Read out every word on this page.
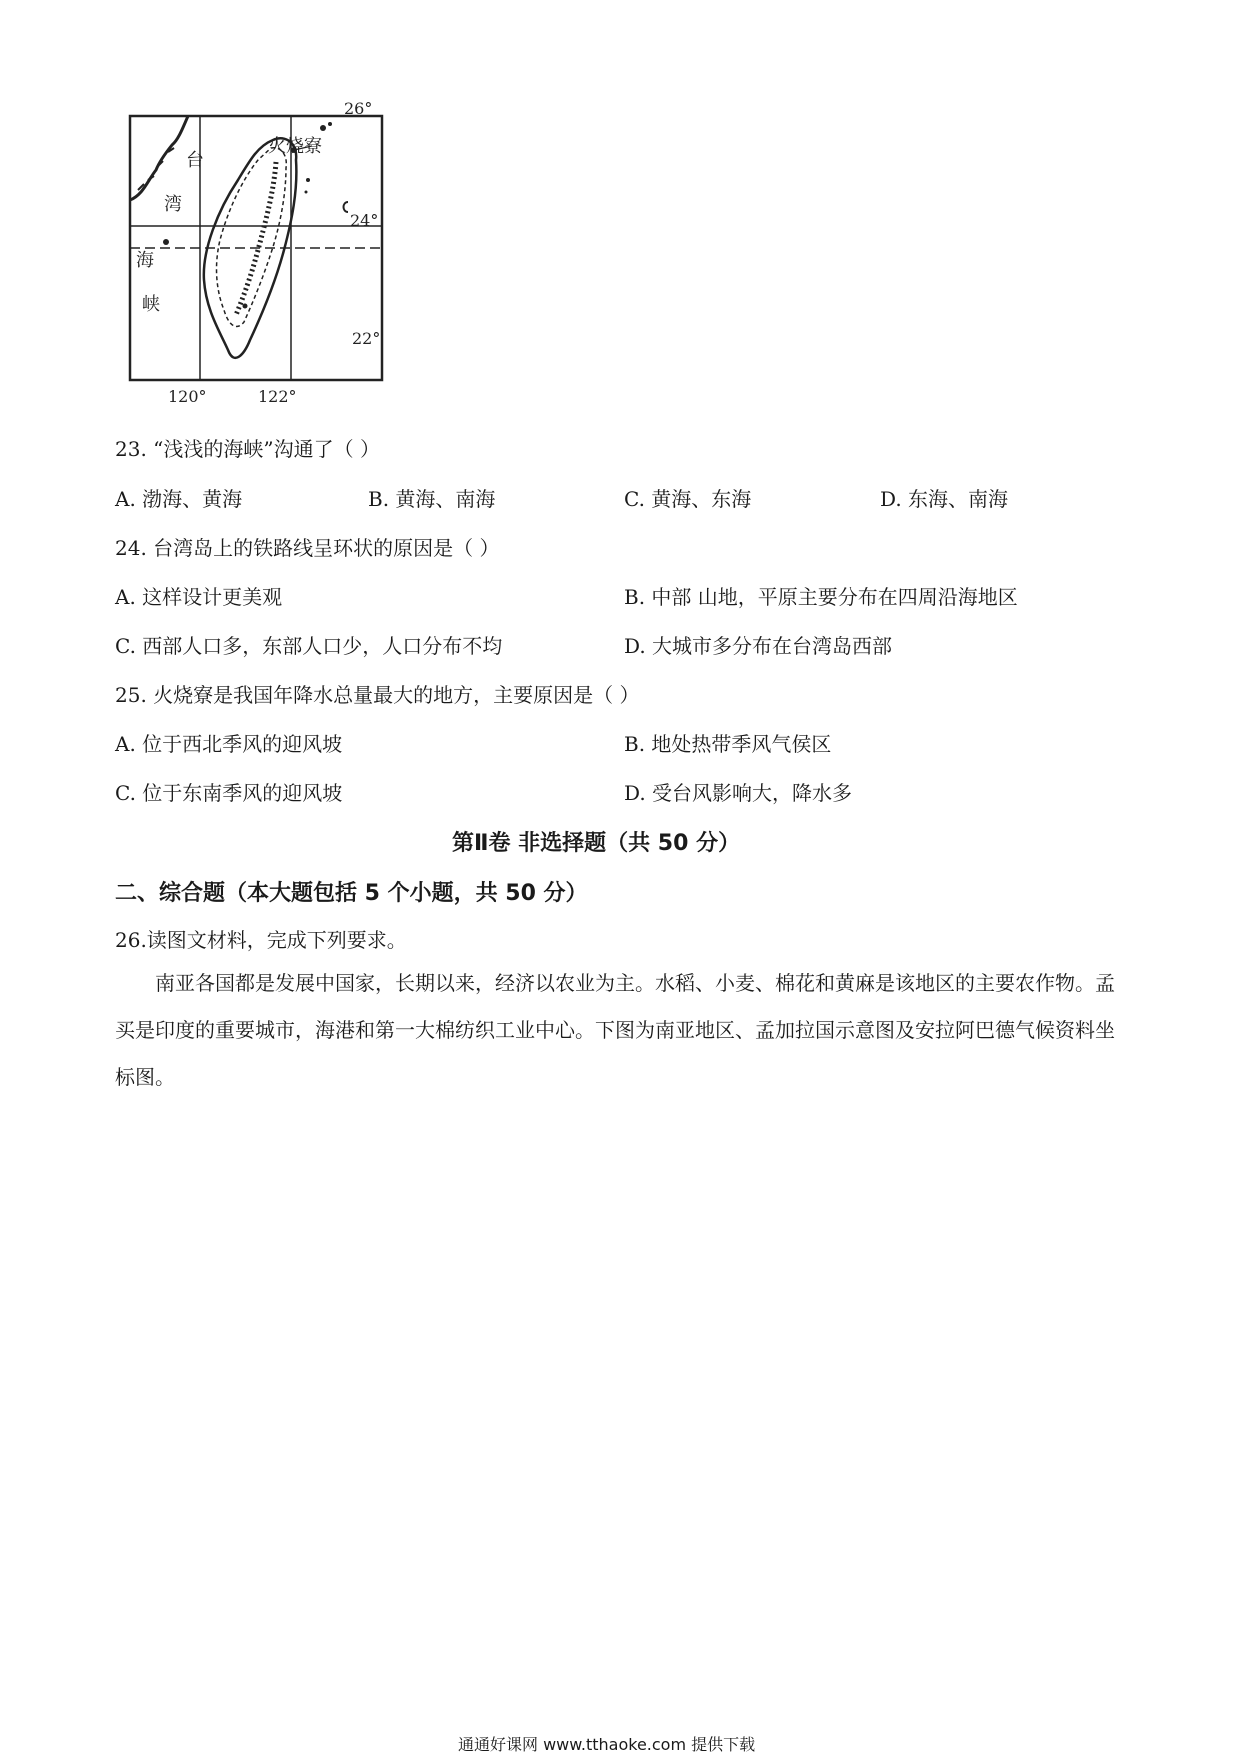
台
湾
海
峡
火烧寮
26°
24°
22°
120°	122°
23. “浅浅的海峡”沟通了（ ）
A. 渤海、黄海	B. 黄海、南海	C. 黄海、东海	D. 东海、南海
24. 台湾岛上的铁路线呈环状的原因是（ ）
A. 这样设计更美观	B. 中部 山地，平原主要分布在四周沿海地区
C. 西部人口多，东部人口少，人口分布不均	D. 大城市多分布在台湾岛西部
25. 火烧寮是我国年降水总量最大的地方，主要原因是（ ）
A. 位于西北季风的迎风坡	B. 地处热带季风气侯区
C. 位于东南季风的迎风坡	D. 受台风影响大，降水多
第Ⅱ卷 非选择题（共 50 分）
二、综合题（本大题包括 5 个小题，共 50 分）
26.读图文材料，完成下列要求。
南亚各国都是发展中国家，长期以来，经济以农业为主。水稻、小麦、棉花和黄麻是该地区的主要农作物。孟买是印度的重要城市，海港和第一大棉纺织工业中心。下图为南亚地区、孟加拉国示意图及安拉阿巴德气候资料坐标图。
通通好课网 www.tthaoke.com 提供下载
